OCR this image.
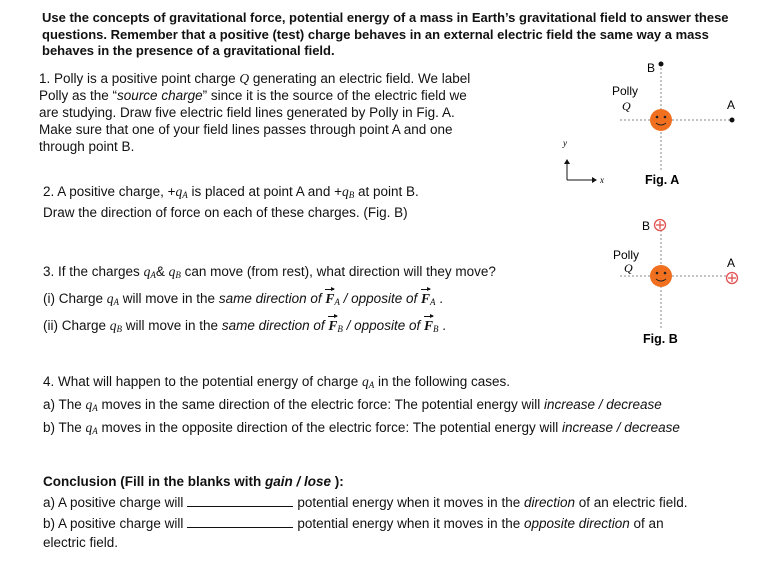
Use the concepts of gravitational force, potential energy of a mass in Earth’s gravitational field to answer these questions. Remember that a positive (test) charge behaves in an external electric field the same way a mass behaves in the presence of a gravitational field.
1. Polly is a positive point charge Q generating an electric field. We label
Polly as the “source charge” since it is the source of the electric field we
are studying. Draw five electric field lines generated by Polly in Fig. A.
Make sure that one of your field lines passes through point A and one
through point B.
2. A positive charge, $+q_A$ is placed at point A and $+q_B$ at point B.
Draw the direction of force on each of these charges. (Fig. B)
3. If the charges $q_A\&$ $q_B$ can move (from rest), what direction will they move?
(i) Charge $q_A$ will move in the same direction of $F_A$ / opposite of $F_A$ .
(ii) Charge $q_B$ will move in the same direction of $F_B$ / opposite of $F_B$ .
4. What will happen to the potential energy of charge $q_A$ in the following cases.
a) The $q_A$ moves in the same direction of the electric force: The potential energy will increase / decrease
b) The $q_A$ moves in the opposite direction of the electric force: The potential energy will increase / decrease
Conclusion (Fill in the blanks with gain / lose ):
a) A positive charge will	potential energy when it moves in the direction of an electric field.
b) A positive charge will	potential energy when it moves in the opposite direction of an
electric field.
B
A
Polly
Q
y
x	Fig. A
B
A
Polly
Q
Fig. B
